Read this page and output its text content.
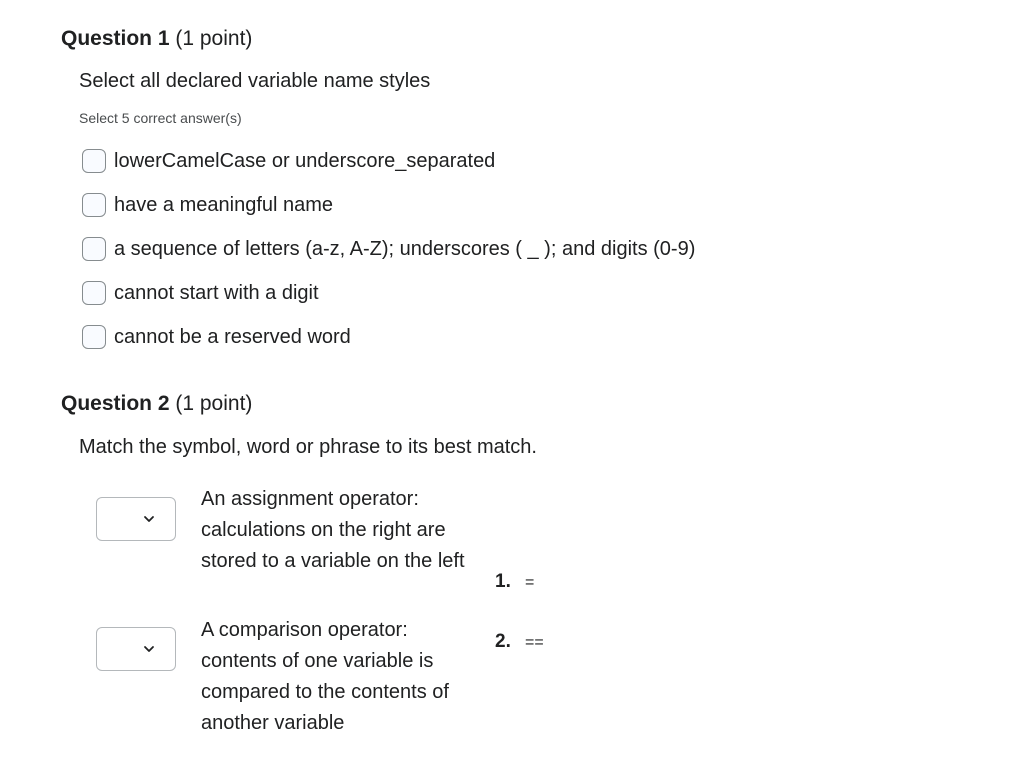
Question 1 (1 point)
Select all declared variable name styles
Select 5 correct answer(s)
lowerCamelCase or underscore_separated
have a meaningful name
a sequence of letters (a-z, A-Z); underscores ( _ ); and digits (0-9)
cannot start with a digit
cannot be a reserved word
Question 2 (1 point)
Match the symbol, word or phrase to its best match.
An assignment operator: calculations on the right are stored to a variable on the left
A comparison operator: contents of one variable is compared to the contents of another variable
1. =
2. ==
